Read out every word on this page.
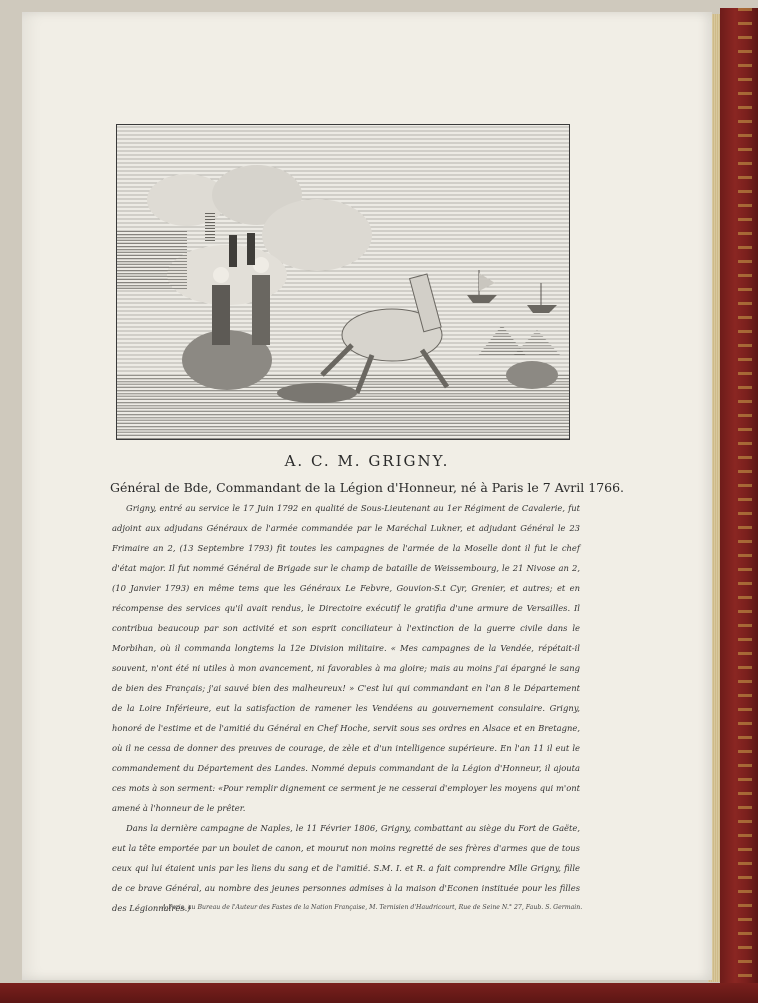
A. C. M. GRIGNY.

Général de Bde, Commandant de la Légion d'Honneur, né à Paris le 7 Avril 1766.

Grigny, entré au service le 17 Juin 1792 en qualité de Sous-Lieutenant au 1er Régiment de Cavalerie, fut adjoint aux adjudans Généraux de l'armée commandée par le Maréchal Lukner, et adjudant Général le 23 Frimaire an 2, (13 Septembre 1793) fit toutes les campagnes de l'armée de la Moselle dont il fut le chef d'état major. Il fut nommé Général de Brigade sur le champ de bataille de Weissembourg, le 21 Nivose an 2, (10 Janvier 1793) en même tems que les Généraux Le Febvre, Gouvion-S.t Cyr, Grenier, et autres; et en récompense des services qu'il avait rendus, le Directoire exécutif le gratifia d'une armure de Versailles. Il contribua beaucoup par son activité et son esprit conciliateur à l'extinction de la guerre civile dans le Morbihan, où il commanda longtems la 12e Division militaire. « Mes campagnes de la Vendée, répétait-il souvent, n'ont été ni utiles à mon avancement, ni favorables à ma gloire; mais au moins j'ai épargné le sang de bien des Français; j'ai sauvé bien des malheureux! » C'est lui qui commandant en l'an 8 le Département de la Loire Inférieure, eut la satisfaction de ramener les Vendéens au gouvernement consulaire. Grigny, honoré de l'estime et de l'amitié du Général en Chef Hoche, servit sous ses ordres en Alsace et en Bretagne, où il ne cessa de donner des preuves de courage, de zèle et d'un intelligence supérieure. En l'an 11 il eut le commandement du Département des Landes. Nommé depuis commandant de la Légion d'Honneur, il ajouta ces mots à son serment: «Pour remplir dignement ce serment je ne cesserai d'employer les moyens qui m'ont amené à l'honneur de le prêter.

Dans la dernière campagne de Naples, le 11 Février 1806, Grigny, combattant au siège du Fort de Gaëte, eut la tête emportée par un boulet de canon, et mourut non moins regretté de ses frères d'armes que de tous ceux qui lui étaient unis par les liens du sang et de l'amitié. S.M. I. et R. a fait comprendre Mlle Grigny, fille de ce brave Général, au nombre des jeunes personnes admises à la maison d'Econen instituée pour les filles des Légionnaires.)

A Paris, au Bureau de l'Auteur des Fastes de la Nation Française, M. Ternisien d'Haudricourt, Rue de Seine N.° 27, Faub. S. Germain.
